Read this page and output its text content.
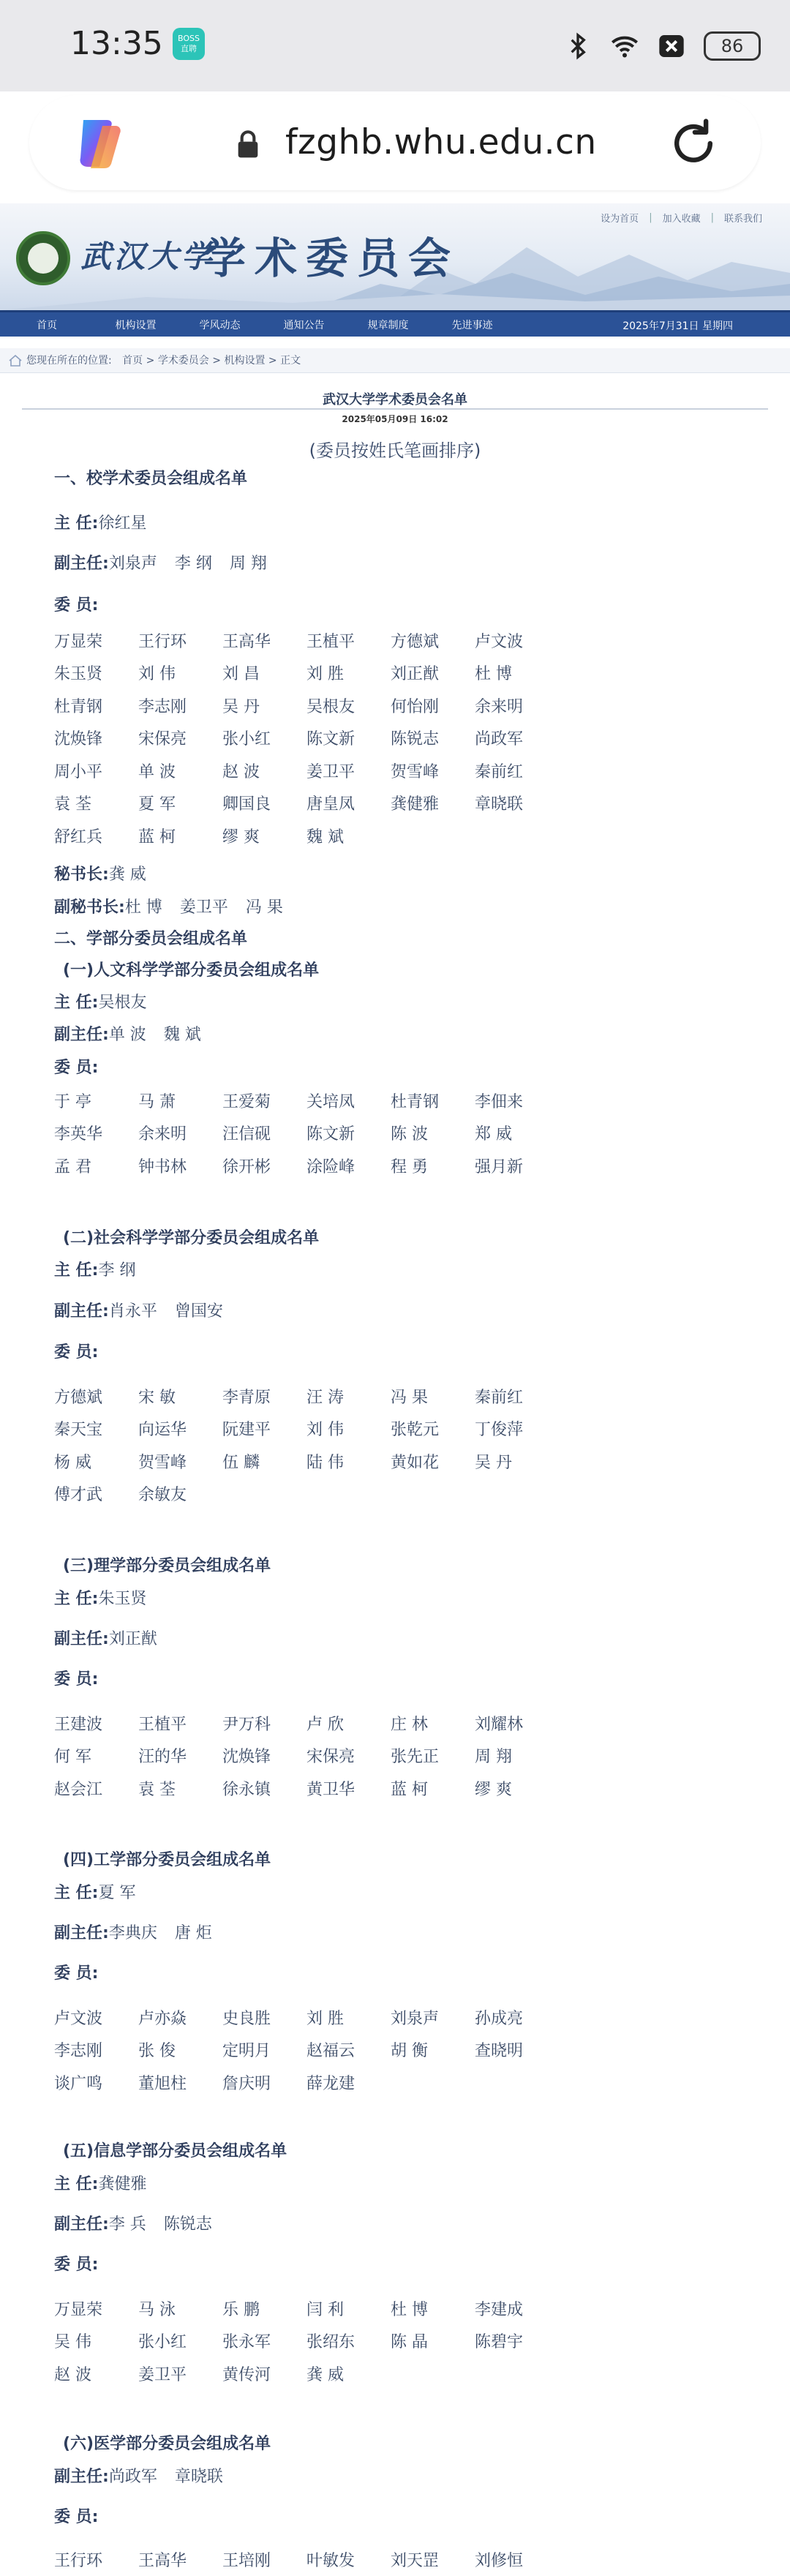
13:35	BOSS
直聘	86
fzghb.whu.edu.cn
武汉大学
学术委员会
设为首页 | 加入收藏 | 联系我们
首页	机构设置	学风动态	通知公告	规章制度	先进事迹	2025年7月31日 星期四
您现在所在的位置: 首页 > 学术委员会 > 机构设置 > 正文
武汉大学学术委员会名单
2025年05月09日 16:02
(委员按姓氏笔画排序)
一、校学术委员会组成名单
主 任:徐红星
副主任:刘泉声 李 纲 周 翔
委 员:
万显荣	王行环	王高华	王植平	方德斌	卢文波
朱玉贤	刘 伟	刘 昌	刘 胜	刘正猷	杜 博
杜青钢	李志刚	吴 丹	吴根友	何怡刚	余来明
沈焕锋	宋保亮	张小红	陈文新	陈锐志	尚政军
周小平	单 波	赵 波	姜卫平	贺雪峰	秦前红
袁 荃	夏 军	卿国良	唐皇凤	龚健雅	章晓联
舒红兵	蓝 柯	缪 爽	魏 斌
秘书长:龚 威
副秘书长:杜 博 姜卫平 冯 果
二、学部分委员会组成名单
(一)人文科学学部分委员会组成名单
主 任:吴根友
副主任:单 波 魏 斌
委 员:
于 亭	马 萧	王爱菊	关培凤	杜青钢	李佃来
李英华	余来明	汪信砚	陈文新	陈 波	郑 威
孟 君	钟书林	徐开彬	涂险峰	程 勇	强月新
(二)社会科学学部分委员会组成名单
主 任:李 纲
副主任:肖永平 曾国安
委 员:
方德斌	宋 敏	李青原	汪 涛	冯 果	秦前红
秦天宝	向运华	阮建平	刘 伟	张乾元	丁俊萍
杨 威	贺雪峰	伍 麟	陆 伟	黄如花	吴 丹
傅才武	余敏友
(三)理学部分委员会组成名单
主 任:朱玉贤
副主任:刘正猷
委 员:
王建波	王植平	尹万科	卢 欣	庄 林	刘耀林
何 军	汪的华	沈焕锋	宋保亮	张先正	周 翔
赵会江	袁 荃	徐永镇	黄卫华	蓝 柯	缪 爽
(四)工学部分委员会组成名单
主 任:夏 军
副主任:李典庆 唐 炬
委 员:
卢文波	卢亦焱	史良胜	刘 胜	刘泉声	孙成亮
李志刚	张 俊	定明月	赵福云	胡 衡	查晓明
谈广鸣	董旭柱	詹庆明	薛龙建
(五)信息学部分委员会组成名单
主 任:龚健雅
副主任:李 兵 陈锐志
委 员:
万显荣	马 泳	乐 鹏	闫 利	杜 博	李建成
吴 伟	张小红	张永军	张绍东	陈 晶	陈碧宇
赵 波	姜卫平	黄传河	龚 威
(六)医学部分委员会组成名单
副主任:尚政军 章晓联
委 员:
王行环	王高华	王培刚	叶敏发	刘天罡	刘修恒
